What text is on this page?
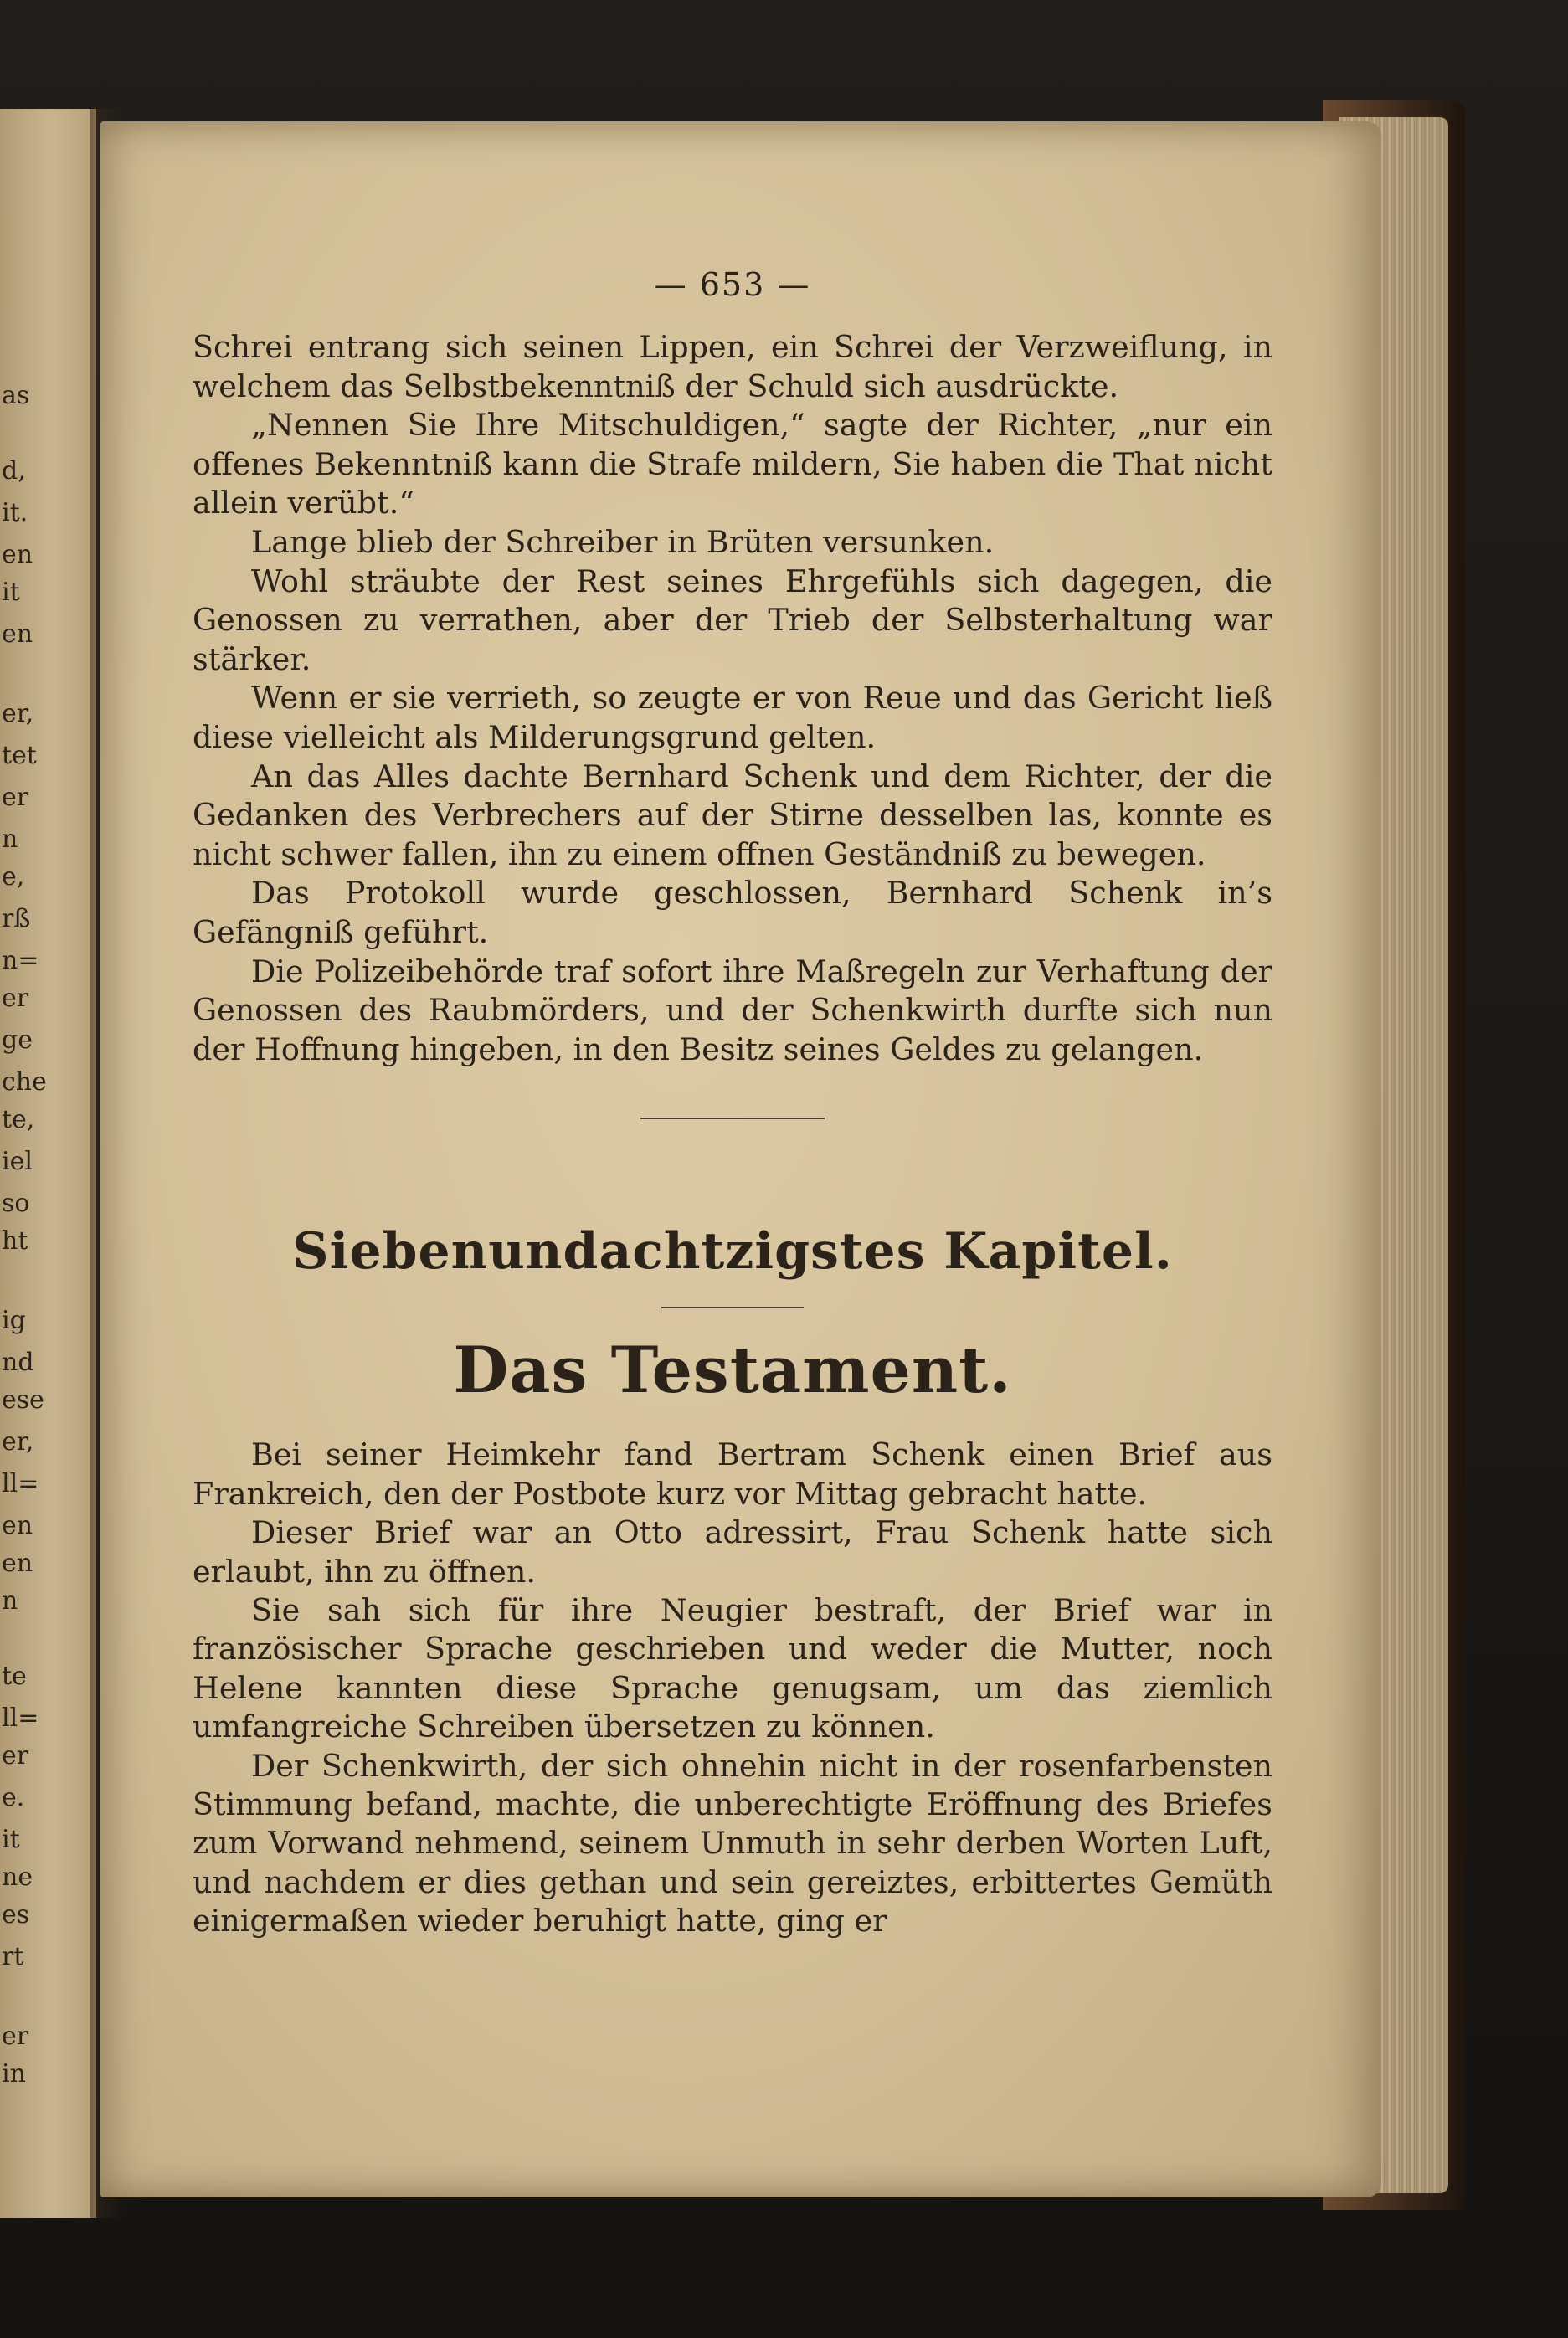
as
d,
it.
en
it
en
er,
tet
er
n
e,
rß
n=
er
ge
che
te,
iel
so
ht
ig
nd
ese
er,
ll=
en
en
n
te
ll=
er
e.
it
ne
es
rt
er
in
— 653 —

Schrei entrang sich seinen Lippen, ein Schrei der Verzweiflung, in welchem das Selbstbekenntniß der Schuld sich ausdrückte.

„Nennen Sie Ihre Mitschuldigen,“ sagte der Richter, „nur ein offenes Bekenntniß kann die Strafe mildern, Sie haben die That nicht allein verübt.“

Lange blieb der Schreiber in Brüten versunken.

Wohl sträubte der Rest seines Ehrgefühls sich dagegen, die Genossen zu verrathen, aber der Trieb der Selbsterhaltung war stärker.

Wenn er sie verrieth, so zeugte er von Reue und das Gericht ließ diese vielleicht als Milderungsgrund gelten.

An das Alles dachte Bernhard Schenk und dem Richter, der die Gedanken des Verbrechers auf der Stirne desselben las, konnte es nicht schwer fallen, ihn zu einem offnen Geständniß zu bewegen.

Das Protokoll wurde geschlossen, Bernhard Schenk in’s Gefängniß geführt.

Die Polizeibehörde traf sofort ihre Maßregeln zur Verhaftung der Genossen des Raubmörders, und der Schenkwirth durfte sich nun der Hoffnung hingeben, in den Besitz seines Geldes zu gelangen.

Siebenundachtzigstes Kapitel.
Das Testament.

Bei seiner Heimkehr fand Bertram Schenk einen Brief aus Frankreich, den der Postbote kurz vor Mittag gebracht hatte.

Dieser Brief war an Otto adressirt, Frau Schenk hatte sich erlaubt, ihn zu öffnen.

Sie sah sich für ihre Neugier bestraft, der Brief war in französischer Sprache geschrieben und weder die Mutter, noch Helene kannten diese Sprache genugsam, um das ziemlich umfangreiche Schreiben übersetzen zu können.

Der Schenkwirth, der sich ohnehin nicht in der rosenfarbensten Stimmung befand, machte, die unberechtigte Eröffnung des Briefes zum Vorwand nehmend, seinem Unmuth in sehr derben Worten Luft, und nachdem er dies gethan und sein gereiztes, erbittertes Gemüth einigermaßen wieder beruhigt hatte, ging er
